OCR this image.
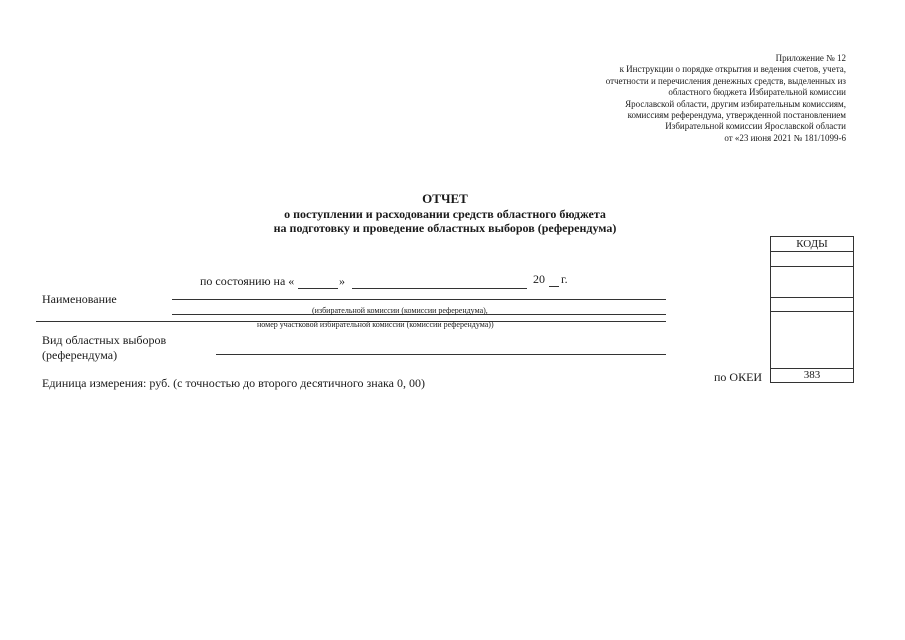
Приложение № 12
к Инструкции о порядке открытия и ведения счетов, учета,
отчетности и перечисления денежных средств, выделенных из
областного бюджета Избирательной комиссии
Ярославской области, другим избирательным комиссиям,
комиссиям референдума, утвержденной постановлением
Избирательной комиссии Ярославской области
от «23 июня 2021 № 181/1099-6
ОТЧЕТ
о поступлении и расходовании средств областного бюджета
на подготовку и проведение областных выборов (референдума)
КОДЫ

383
по состоянию на «	»	20 г.
Наименование
(избирательной комиссии (комиссии референдума),
номер участковой избирательной комиссии (комиссии референдума))
Вид областных выборов
(референдума)
Единица измерения: руб. (с точностью до второго десятичного знака 0, 00)	по ОКЕИ
